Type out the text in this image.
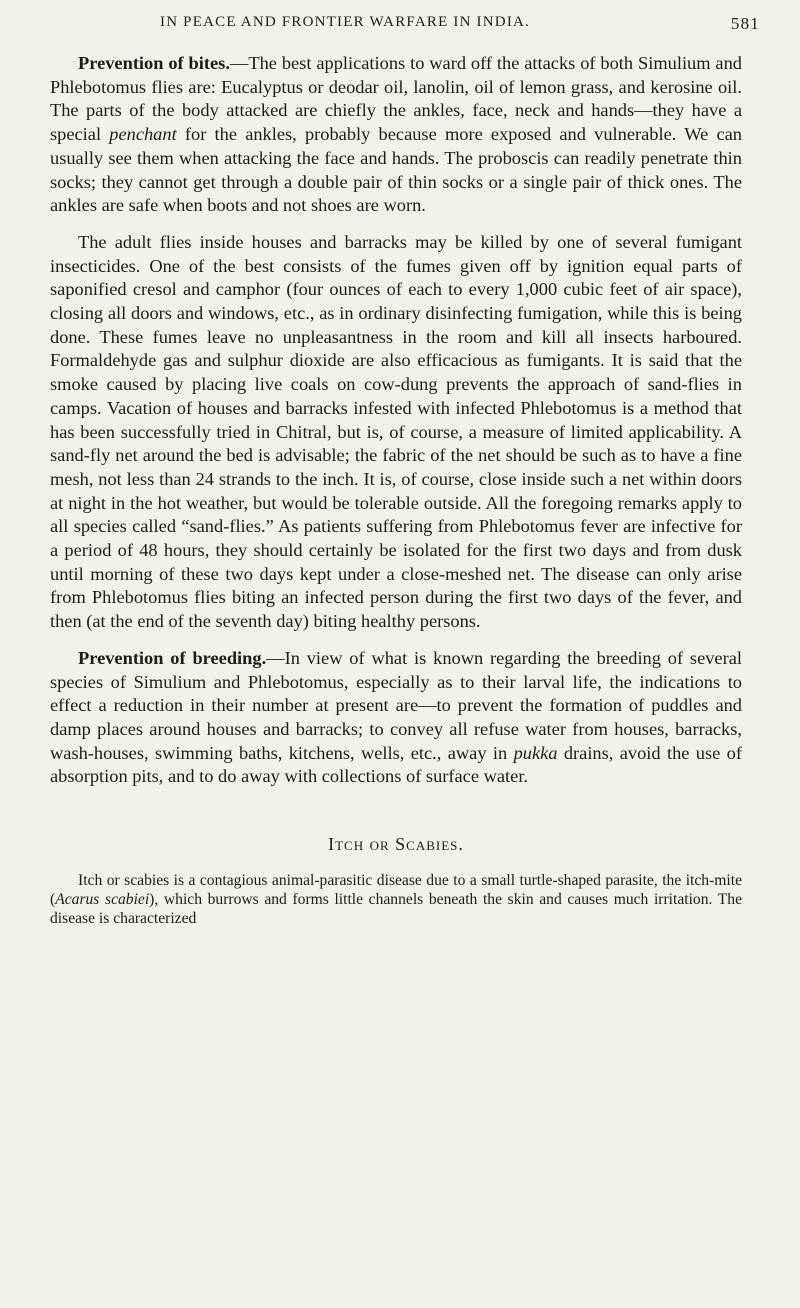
IN PEACE AND FRONTIER WARFARE IN INDIA.	581

Prevention of bites.—The best applications to ward off the attacks of both Simulium and Phlebotomus flies are: Eucalyptus or deodar oil, lanolin, oil of lemon grass, and kerosine oil. The parts of the body attacked are chiefly the ankles, face, neck and hands—they have a special penchant for the ankles, probably because more exposed and vulnerable. We can usually see them when attacking the face and hands. The proboscis can readily penetrate thin socks; they cannot get through a double pair of thin socks or a single pair of thick ones. The ankles are safe when boots and not shoes are worn.

The adult flies inside houses and barracks may be killed by one of several fumigant insecticides. One of the best consists of the fumes given off by ignition equal parts of saponified cresol and camphor (four ounces of each to every 1,000 cubic feet of air space), closing all doors and windows, etc., as in ordinary disinfecting fumigation, while this is being done. These fumes leave no unpleasantness in the room and kill all insects harboured. Formaldehyde gas and sulphur dioxide are also efficacious as fumigants. It is said that the smoke caused by placing live coals on cow-dung prevents the approach of sand-flies in camps. Vacation of houses and barracks infested with infected Phlebotomus is a method that has been successfully tried in Chitral, but is, of course, a measure of limited applicability. A sand-fly net around the bed is advisable; the fabric of the net should be such as to have a fine mesh, not less than 24 strands to the inch. It is, of course, close inside such a net within doors at night in the hot weather, but would be tolerable outside. All the foregoing remarks apply to all species called “sand-flies.” As patients suffering from Phlebotomus fever are infective for a period of 48 hours, they should certainly be isolated for the first two days and from dusk until morning of these two days kept under a close-meshed net. The disease can only arise from Phlebotomus flies biting an infected person during the first two days of the fever, and then (at the end of the seventh day) biting healthy persons.

Prevention of breeding.—In view of what is known regarding the breeding of several species of Simulium and Phlebotomus, especially as to their larval life, the indications to effect a reduction in their number at present are—to prevent the formation of puddles and damp places around houses and barracks; to convey all refuse water from houses, barracks, wash-houses, swimming baths, kitchens, wells, etc., away in pukka drains, avoid the use of absorption pits, and to do away with collections of surface water.

Itch or Scabies.

Itch or scabies is a contagious animal-parasitic disease due to a small turtle-shaped parasite, the itch-mite (Acarus scabiei), which burrows and forms little channels beneath the skin and causes much irritation. The disease is characterized
